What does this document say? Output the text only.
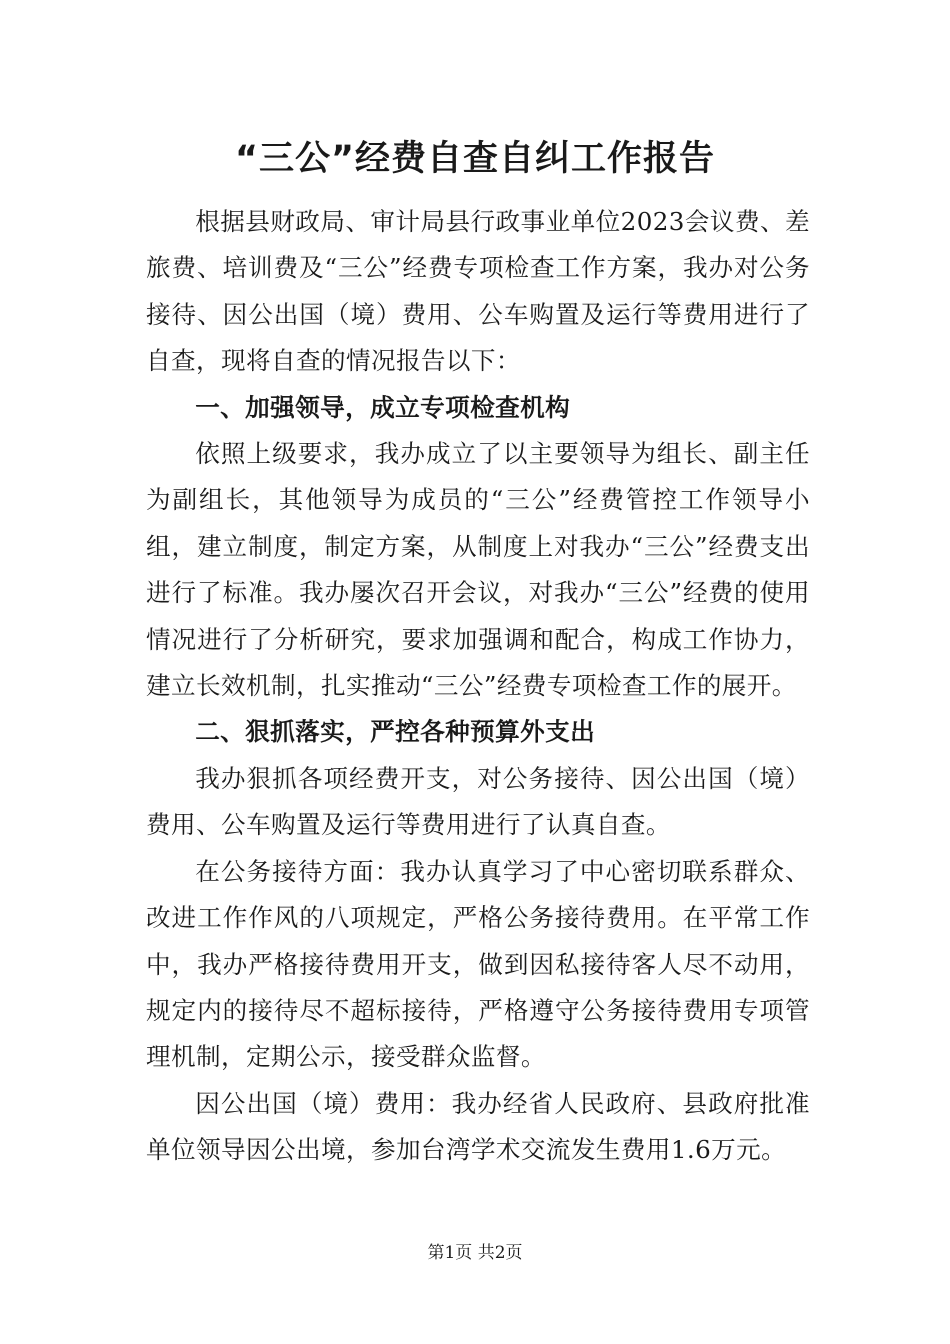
“三公”经费自查自纠工作报告

根据县财政局、审计局县行政事业单位2023会议费、差旅费、培训费及“三公”经费专项检查工作方案，我办对公务接待、因公出国（境）费用、公车购置及运行等费用进行了自查，现将自查的情况报告以下：

一、加强领导，成立专项检查机构

依照上级要求，我办成立了以主要领导为组长、副主任为副组长，其他领导为成员的“三公”经费管控工作领导小组，建立制度，制定方案，从制度上对我办“三公”经费支出进行了标准。我办屡次召开会议，对我办“三公”经费的使用情况进行了分析研究，要求加强调和配合，构成工作协力，建立长效机制，扎实推动“三公”经费专项检查工作的展开。

二、狠抓落实，严控各种预算外支出

我办狠抓各项经费开支，对公务接待、因公出国（境）费用、公车购置及运行等费用进行了认真自查。

在公务接待方面：我办认真学习了中心密切联系群众、改进工作作风的八项规定，严格公务接待费用。在平常工作中，我办严格接待费用开支，做到因私接待客人尽不动用，规定内的接待尽不超标接待，严格遵守公务接待费用专项管理机制，定期公示，接受群众监督。

因公出国（境）费用：我办经省人民政府、县政府批准单位领导因公出境，参加台湾学术交流发生费用1.6万元。

第1页 共2页
